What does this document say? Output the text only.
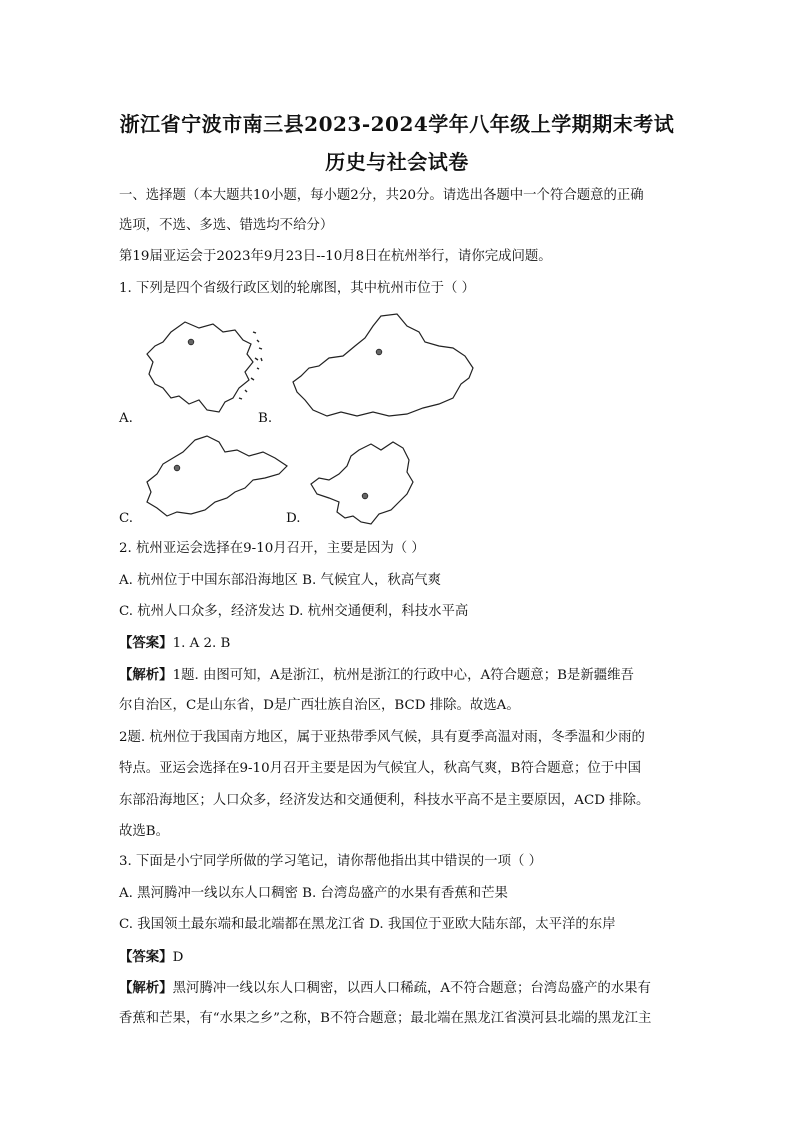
浙江省宁波市南三县2023-2024学年八年级上学期期末考试
历史与社会试卷
一、选择题（本大题共10小题，每小题2分，共20分。请选出各题中一个符合题意的正确
选项，不选、多选、错选均不给分）
第19届亚运会于2023年9月23日--10月8日在杭州举行，请你完成问题。
1. 下列是四个省级行政区划的轮廓图，其中杭州市位于（ ）
A.	B.
C.	D.
2. 杭州亚运会选择在9-10月召开，主要是因为（ ）
A. 杭州位于中国东部沿海地区 B. 气候宜人，秋高气爽
C. 杭州人口众多，经济发达 D. 杭州交通便利，科技水平高
【答案】1. A 2. B
【解析】1题. 由图可知，A是浙江，杭州是浙江的行政中心，A符合题意；B是新疆维吾
尔自治区，C是山东省，D是广西壮族自治区，BCD 排除。故选A。
2题. 杭州位于我国南方地区，属于亚热带季风气候，具有夏季高温对雨，冬季温和少雨的
特点。亚运会选择在9-10月召开主要是因为气候宜人，秋高气爽，B符合题意；位于中国
东部沿海地区；人口众多，经济发达和交通便利，科技水平高不是主要原因，ACD 排除。
故选B。
3. 下面是小宁同学所做的学习笔记，请你帮他指出其中错误的一项（ ）
A. 黑河腾冲一线以东人口稠密 B. 台湾岛盛产的水果有香蕉和芒果
C. 我国领土最东端和最北端都在黑龙江省 D. 我国位于亚欧大陆东部，太平洋的东岸
【答案】D
【解析】黑河腾冲一线以东人口稠密，以西人口稀疏，A不符合题意；台湾岛盛产的水果有
香蕉和芒果，有“水果之乡”之称，B不符合题意；最北端在黑龙江省漠河县北端的黑龙江主
